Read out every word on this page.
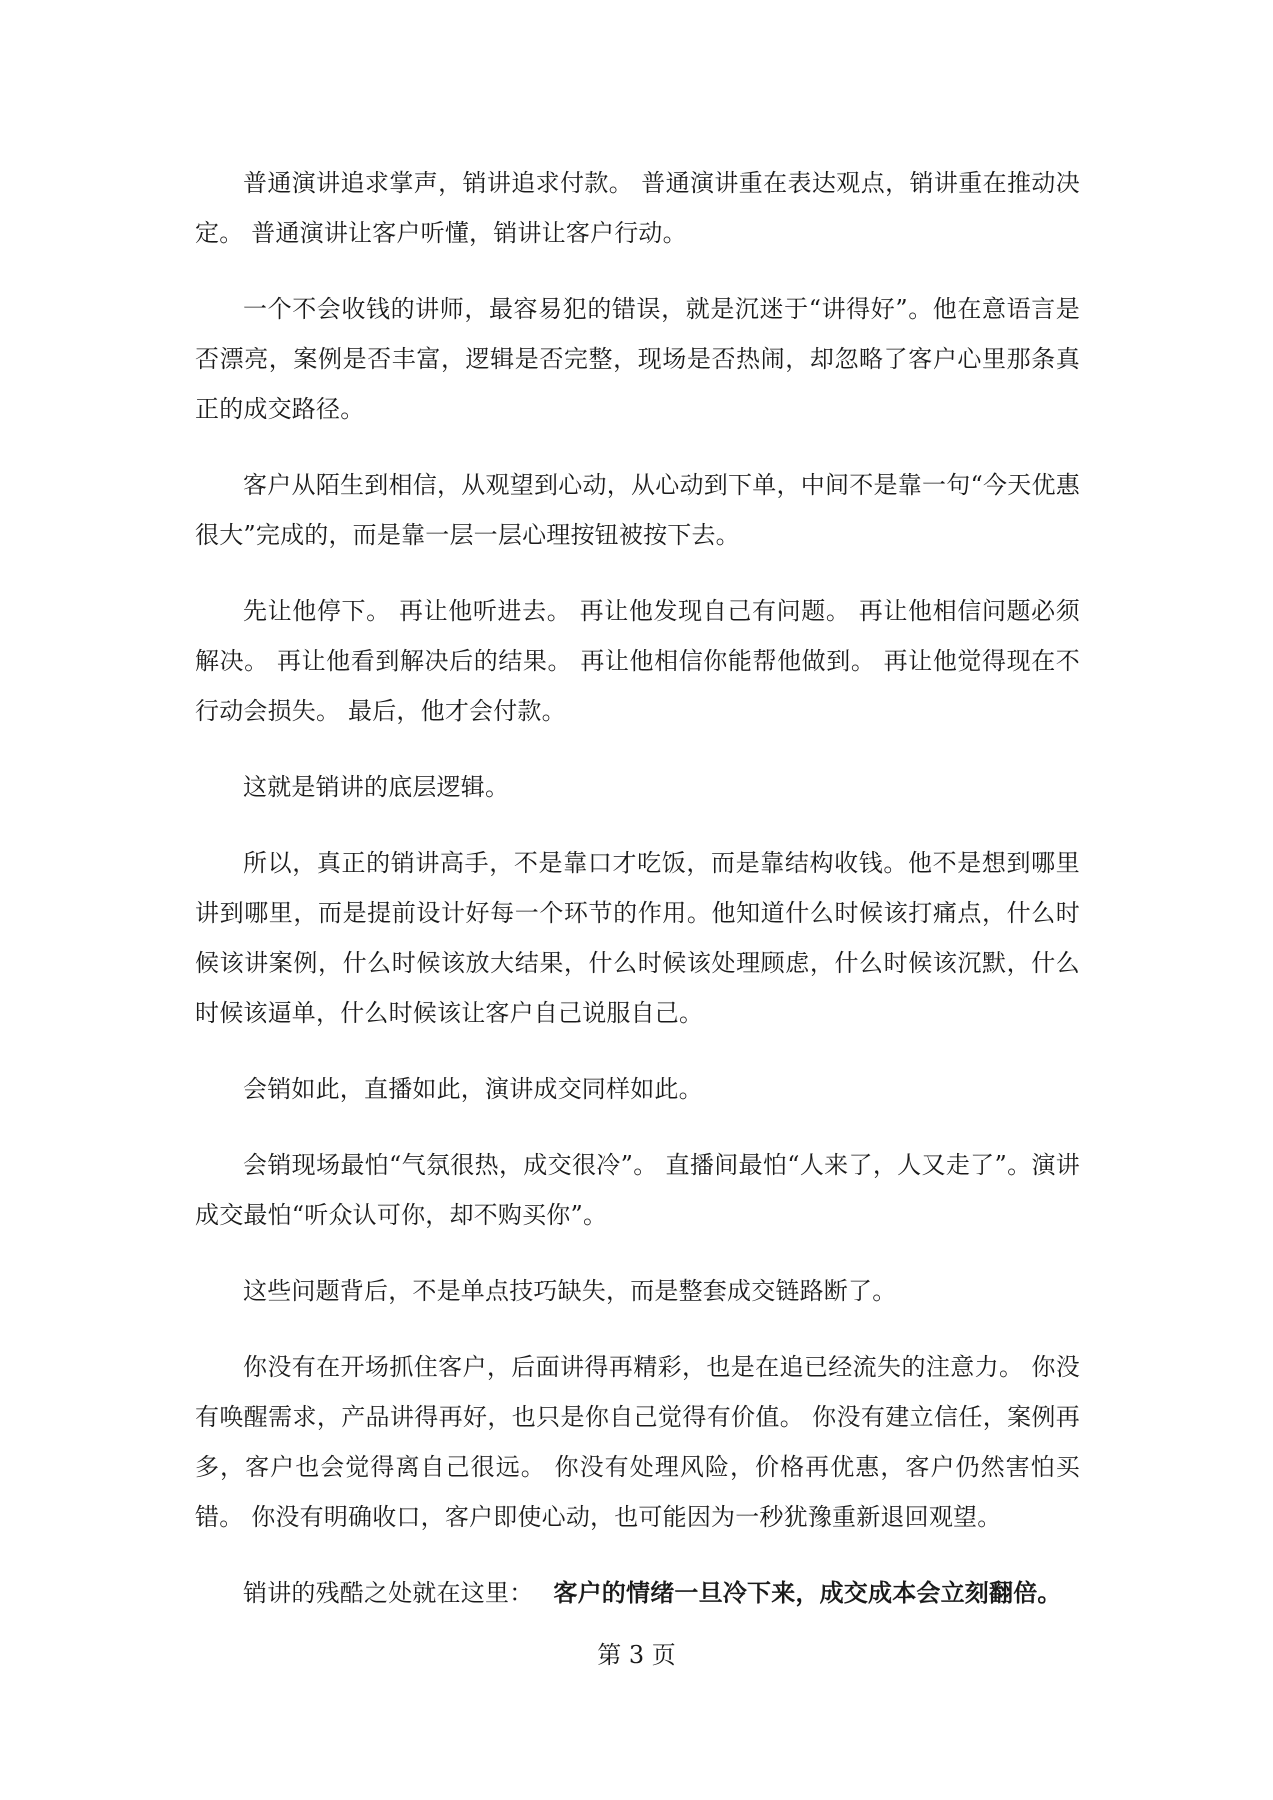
普通演讲追求掌声，销讲追求付款。 普通演讲重在表达观点，销讲重在推动决定。 普通演讲让客户听懂，销讲让客户行动。

一个不会收钱的讲师，最容易犯的错误，就是沉迷于“讲得好”。他在意语言是否漂亮，案例是否丰富，逻辑是否完整，现场是否热闹，却忽略了客户心里那条真正的成交路径。

客户从陌生到相信，从观望到心动，从心动到下单，中间不是靠一句“今天优惠很大”完成的，而是靠一层一层心理按钮被按下去。

先让他停下。 再让他听进去。 再让他发现自己有问题。 再让他相信问题必须解决。 再让他看到解决后的结果。 再让他相信你能帮他做到。 再让他觉得现在不行动会损失。 最后，他才会付款。

这就是销讲的底层逻辑。

所以，真正的销讲高手，不是靠口才吃饭，而是靠结构收钱。他不是想到哪里讲到哪里，而是提前设计好每一个环节的作用。他知道什么时候该打痛点，什么时候该讲案例，什么时候该放大结果，什么时候该处理顾虑，什么时候该沉默，什么时候该逼单，什么时候该让客户自己说服自己。

会销如此，直播如此，演讲成交同样如此。

会销现场最怕“气氛很热，成交很冷”。 直播间最怕“人来了，人又走了”。演讲成交最怕“听众认可你，却不购买你”。

这些问题背后，不是单点技巧缺失，而是整套成交链路断了。

你没有在开场抓住客户，后面讲得再精彩，也是在追已经流失的注意力。 你没有唤醒需求，产品讲得再好，也只是你自己觉得有价值。 你没有建立信任，案例再多，客户也会觉得离自己很远。 你没有处理风险，价格再优惠，客户仍然害怕买错。 你没有明确收口，客户即使心动，也可能因为一秒犹豫重新退回观望。

销讲的残酷之处就在这里： 客户的情绪一旦冷下来，成交成本会立刻翻倍。

第 3 页
